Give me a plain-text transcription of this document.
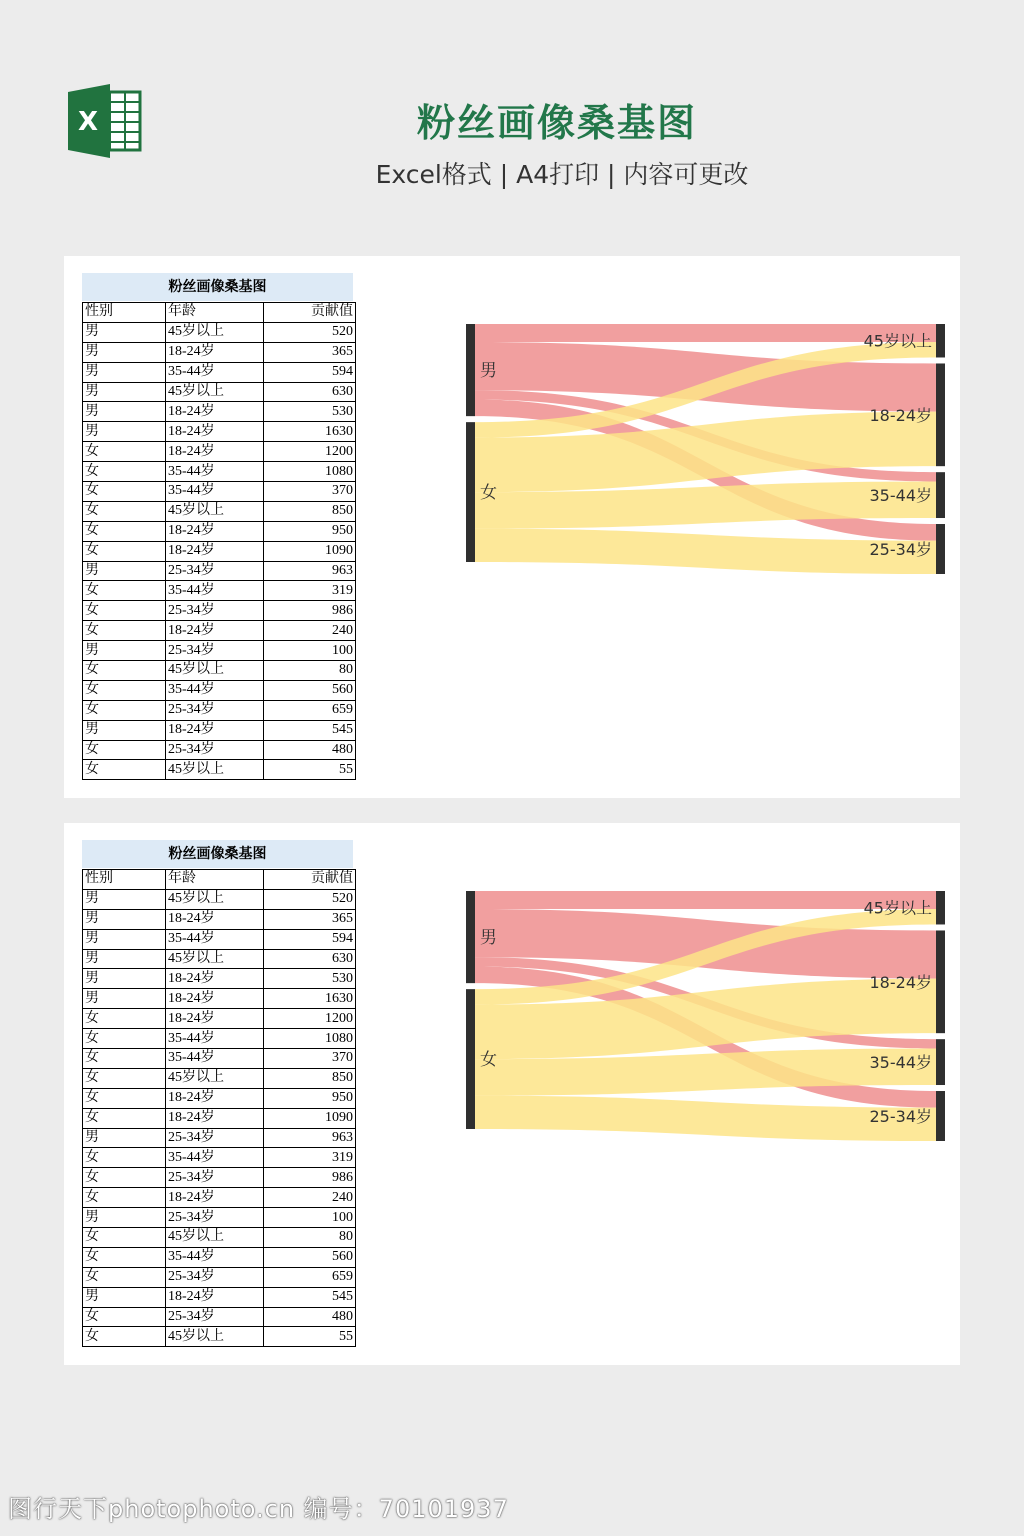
X	粉丝画像桑基图
Excel格式 | A4打印 | 内容可更改
粉丝画像桑基图
性别	年龄	贡献值
男	45岁以上	520
男	18-24岁	365
男	35-44岁	594
男	45岁以上	630
男	18-24岁	530
男	18-24岁	1630
女	18-24岁	1200
女	35-44岁	1080
女	35-44岁	370
女	45岁以上	850
女	18-24岁	950
女	18-24岁	1090
男	25-34岁	963
女	35-44岁	319
女	25-34岁	986
女	18-24岁	240
男	25-34岁	100
女	45岁以上	80
女	35-44岁	560
女	25-34岁	659
男	18-24岁	545
女	25-34岁	480
女	45岁以上	55
男
女
45岁以上
18-24岁
35-44岁
25-34岁
粉丝画像桑基图
性别	年龄	贡献值
男	45岁以上	520
男	18-24岁	365
男	35-44岁	594
男	45岁以上	630
男	18-24岁	530
男	18-24岁	1630
女	18-24岁	1200
女	35-44岁	1080
女	35-44岁	370
女	45岁以上	850
女	18-24岁	950
女	18-24岁	1090
男	25-34岁	963
女	35-44岁	319
女	25-34岁	986
女	18-24岁	240
男	25-34岁	100
女	45岁以上	80
女	35-44岁	560
女	25-34岁	659
男	18-24岁	545
女	25-34岁	480
女	45岁以上	55
男
女
45岁以上
18-24岁
35-44岁
25-34岁
图行天下photophoto.cn 编号：70101937
